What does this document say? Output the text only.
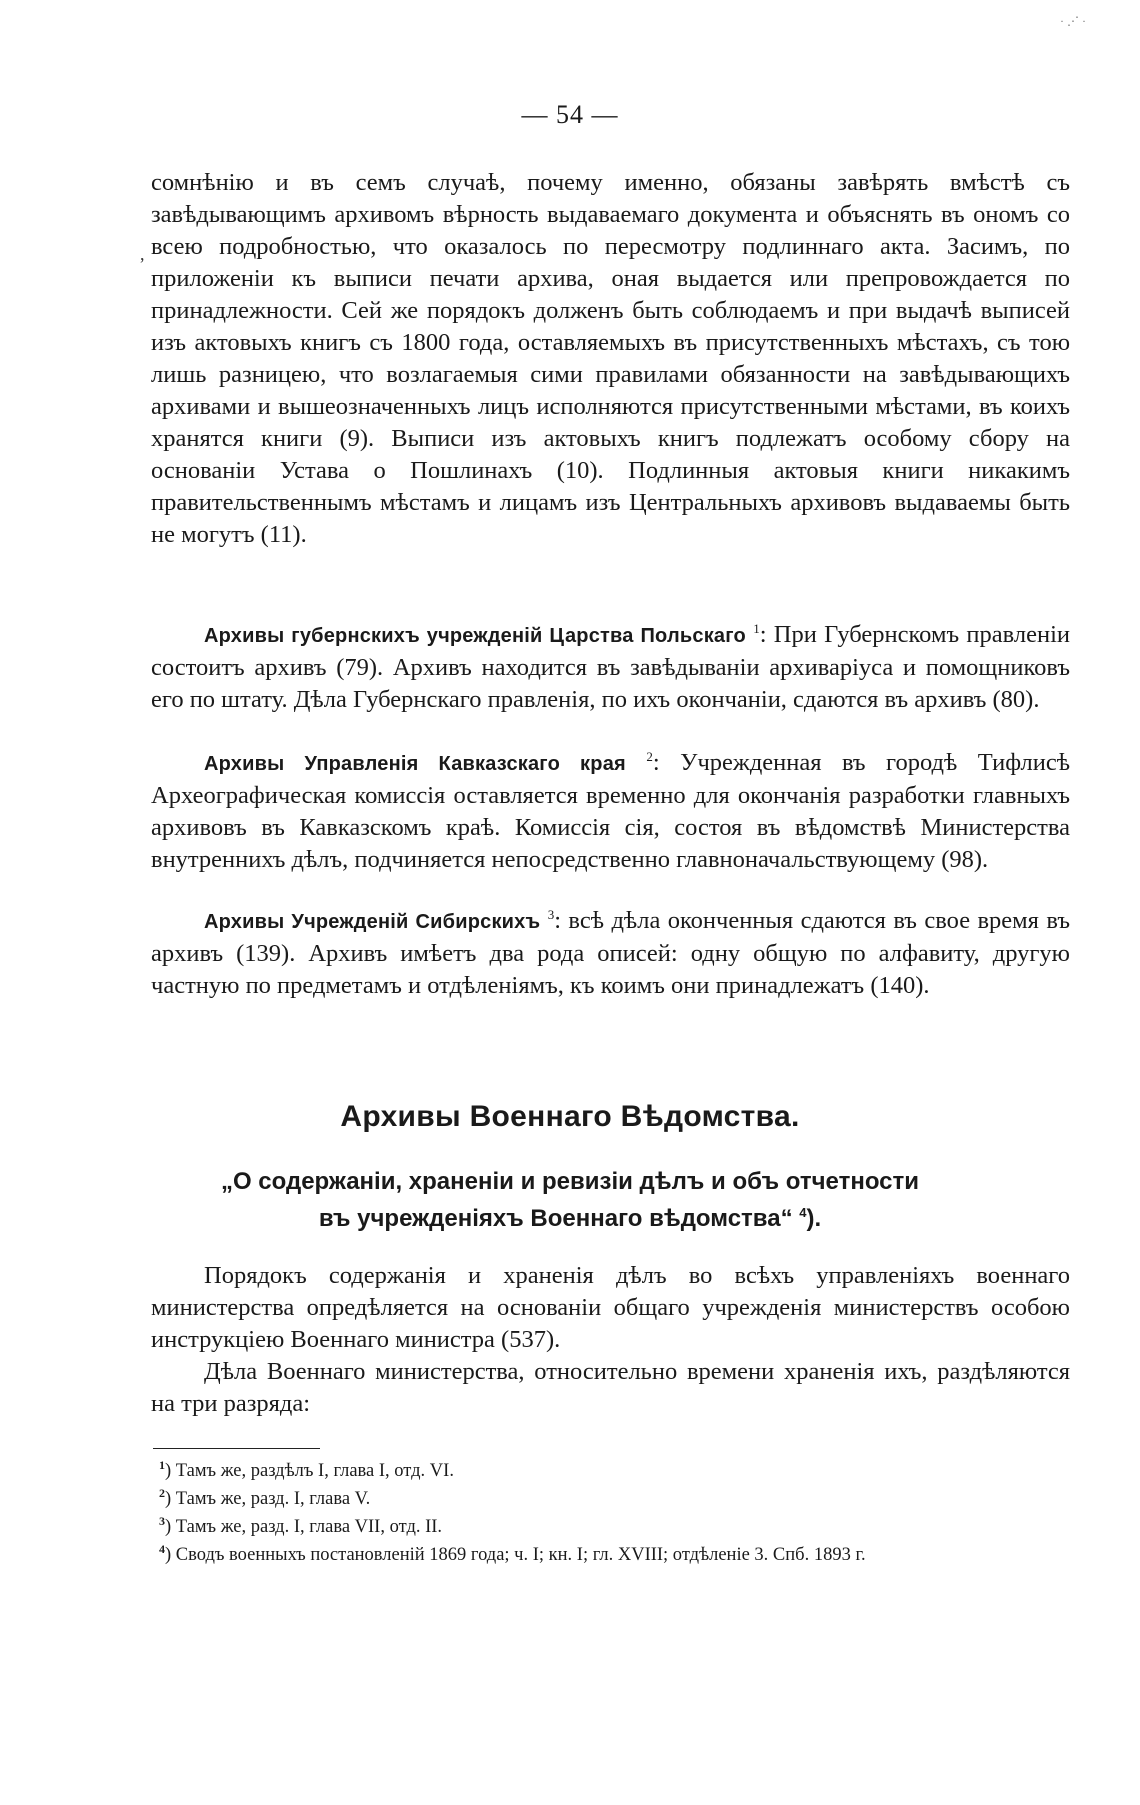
·⋰·
— 54 —
,

сомнѣнію и въ семъ случаѣ, почему именно, обязаны завѣрять вмѣстѣ съ завѣдывающимъ архивомъ вѣрность выдаваемаго документа и объяснять въ ономъ со всею подробностью, что оказалось по пересмотру подлиннаго акта. Засимъ, по приложеніи къ выписи печати архива, оная выдается или препровождается по принадлежности. Сей же порядокъ долженъ быть соблюдаемъ и при выдачѣ выписей изъ актовыхъ книгъ съ 1800 года, оставляемыхъ въ присутственныхъ мѣстахъ, съ тою лишь разницею, что возлагаемыя сими правилами обязанности на завѣдывающихъ архивами и вышеозначенныхъ лицъ исполняются присутственными мѣстами, въ коихъ хранятся книги (9). Выписи изъ актовыхъ книгъ подлежатъ особому сбору на основаніи Устава о Пошлинахъ (10). Подлинныя актовыя книги никакимъ правительственнымъ мѣстамъ и лицамъ изъ Центральныхъ архивовъ выдаваемы быть не могутъ (11).

Архивы губернскихъ учрежденій Царства Польскаго $^1$: При Губернскомъ правленіи состоитъ архивъ (79). Архивъ находится въ завѣдываніи архиваріуса и помощниковъ его по штату. Дѣла Губернскаго правленія, по ихъ окончаніи, сдаются въ архивъ (80).

Архивы Управленія Кавказскаго края $^2$: Учрежденная въ городѣ Тифлисѣ Археографическая комиссія оставляется временно для окончанія разработки главныхъ архивовъ въ Кавказскомъ краѣ. Комиссія сія, состоя въ вѣдомствѣ Министерства внутреннихъ дѣлъ, подчиняется непосредственно главноначальствующему (98).

Архивы Учрежденій Сибирскихъ $^3$: всѣ дѣла оконченныя сдаются въ свое время въ архивъ (139). Архивъ имѣетъ два рода описей: одну общую по алфавиту, другую частную по предметамъ и отдѣленіямъ, къ коимъ они принадлежатъ (140).

Архивы Военнаго Вѣдомства.
„О содержаніи, храненіи и ревизіи дѣлъ и объ отчетности
въ учрежденіяхъ Военнаго вѣдомства“ $^4$).

Порядокъ содержанія и храненія дѣлъ во всѣхъ управленіяхъ военнаго министерства опредѣляется на основаніи общаго учрежденія министерствъ особою инструкціею Военнаго министра (537).

Дѣла Военнаго министерства, относительно времени храненія ихъ, раздѣляются на три разряда:

$^1$) Тамъ же, раздѣлъ I, глава I, отд. VI.

$^2$) Тамъ же, разд. I, глава V.

$^3$) Тамъ же, разд. I, глава VII, отд. II.

$^4$) Сводъ военныхъ постановленій 1869 года; ч. I; кн. I; гл. XVIII; отдѣленіе 3. Спб. 1893 г.
